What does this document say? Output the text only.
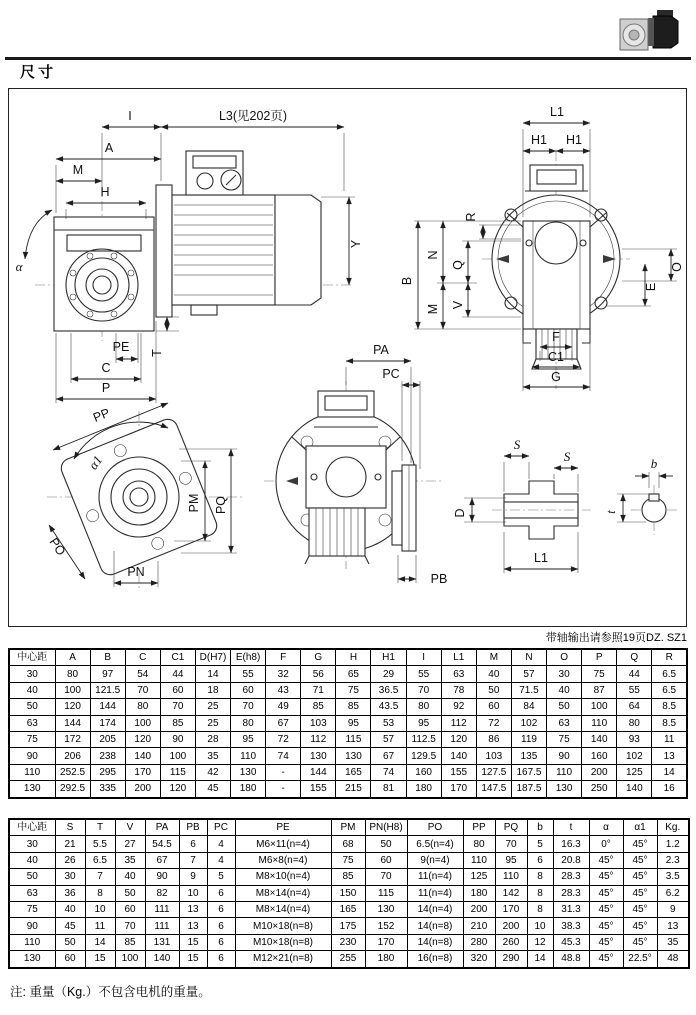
尺寸
I	L3(见202页)
A
M
H
α
PE
C
P
T
Y
L1
H1 H1
R
B
N
M
Q
V
O
E
F
C1
G
PP
α1
PO
PN
PM PQ
PA
PC
PB
D
S
S
L1
b
t
带轴输出请参照19页DZ. SZ1
中心距	A	B	C	C1	D(H7)	E(h8)	F	G	H	H1	I	L1	M	N	O	P	Q	R
30	80	97	54	44	14	55	32	56	65	29	55	63	40	57	30	75	44	6.5
40	100	121.5	70	60	18	60	43	71	75	36.5	70	78	50	71.5	40	87	55	6.5
50	120	144	80	70	25	70	49	85	85	43.5	80	92	60	84	50	100	64	8.5
63	144	174	100	85	25	80	67	103	95	53	95	112	72	102	63	110	80	8.5
75	172	205	120	90	28	95	72	112	115	57	112.5	120	86	119	75	140	93	11
90	206	238	140	100	35	110	74	130	130	67	129.5	140	103	135	90	160	102	13
110	252.5	295	170	115	42	130	-	144	165	74	160	155	127.5	167.5	110	200	125	14
130	292.5	335	200	120	45	180	-	155	215	81	180	170	147.5	187.5	130	250	140	16
中心距	S	T	V	PA	PB	PC	PE	PM	PN(H8)	PO	PP	PQ	b	t	α	α1	Kg.
30	21	5.5	27	54.5	6	4	M6×11(n=4)	68	50	6.5(n=4)	80	70	5	16.3	0°	45°	1.2
40	26	6.5	35	67	7	4	M6×8(n=4)	75	60	9(n=4)	110	95	6	20.8	45°	45°	2.3
50	30	7	40	90	9	5	M8×10(n=4)	85	70	11(n=4)	125	110	8	28.3	45°	45°	3.5
63	36	8	50	82	10	6	M8×14(n=4)	150	115	11(n=4)	180	142	8	28.3	45°	45°	6.2
75	40	10	60	111	13	6	M8×14(n=4)	165	130	14(n=4)	200	170	8	31.3	45°	45°	9
90	45	11	70	111	13	6	M10×18(n=8)	175	152	14(n=8)	210	200	10	38.3	45°	45°	13
110	50	14	85	131	15	6	M10×18(n=8)	230	170	14(n=8)	280	260	12	45.3	45°	45°	35
130	60	15	100	140	15	6	M12×21(n=8)	255	180	16(n=8)	320	290	14	48.8	45°	22.5°	48
注: 重量（Kg.）不包含电机的重量。
